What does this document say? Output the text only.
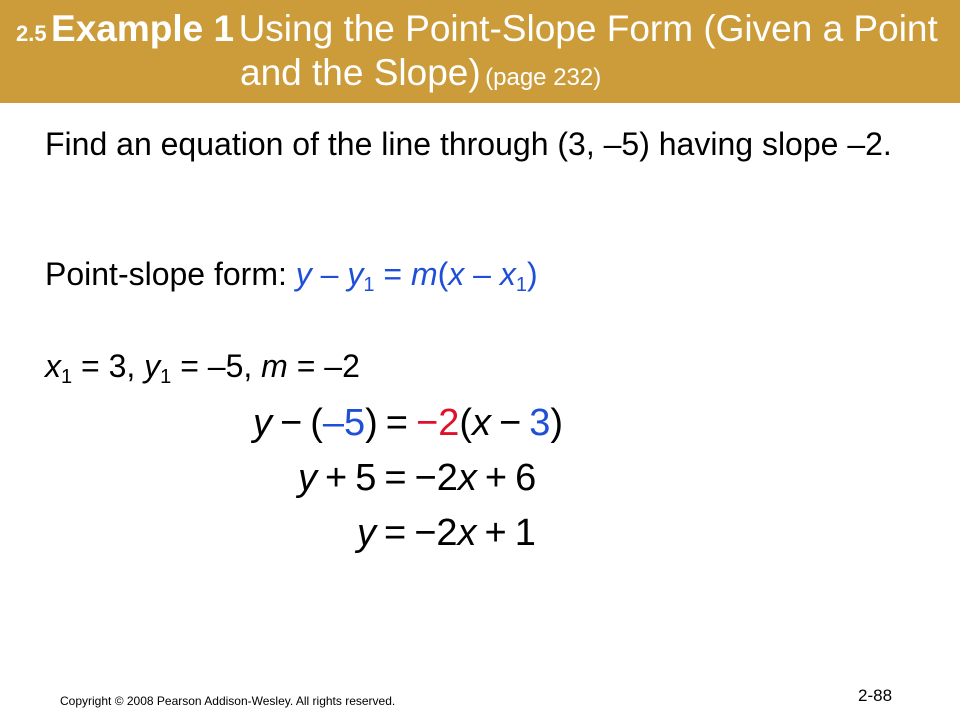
2.5 Example 1 Using the Point-Slope Form (Given a Point
and the Slope) (page 232)
Find an equation of the line through (3, –5) having slope –2.
Point-slope form: $y - y_1 = m(x - x_1)$
$x_1 = 3$, $y_1 = -5$, m = –2
y − (–5) = −2(x − 3)
y + 5 = −2x + 6
y = −2x + 1
Copyright © 2008 Pearson Addison-Wesley. All rights reserved.	2-88
